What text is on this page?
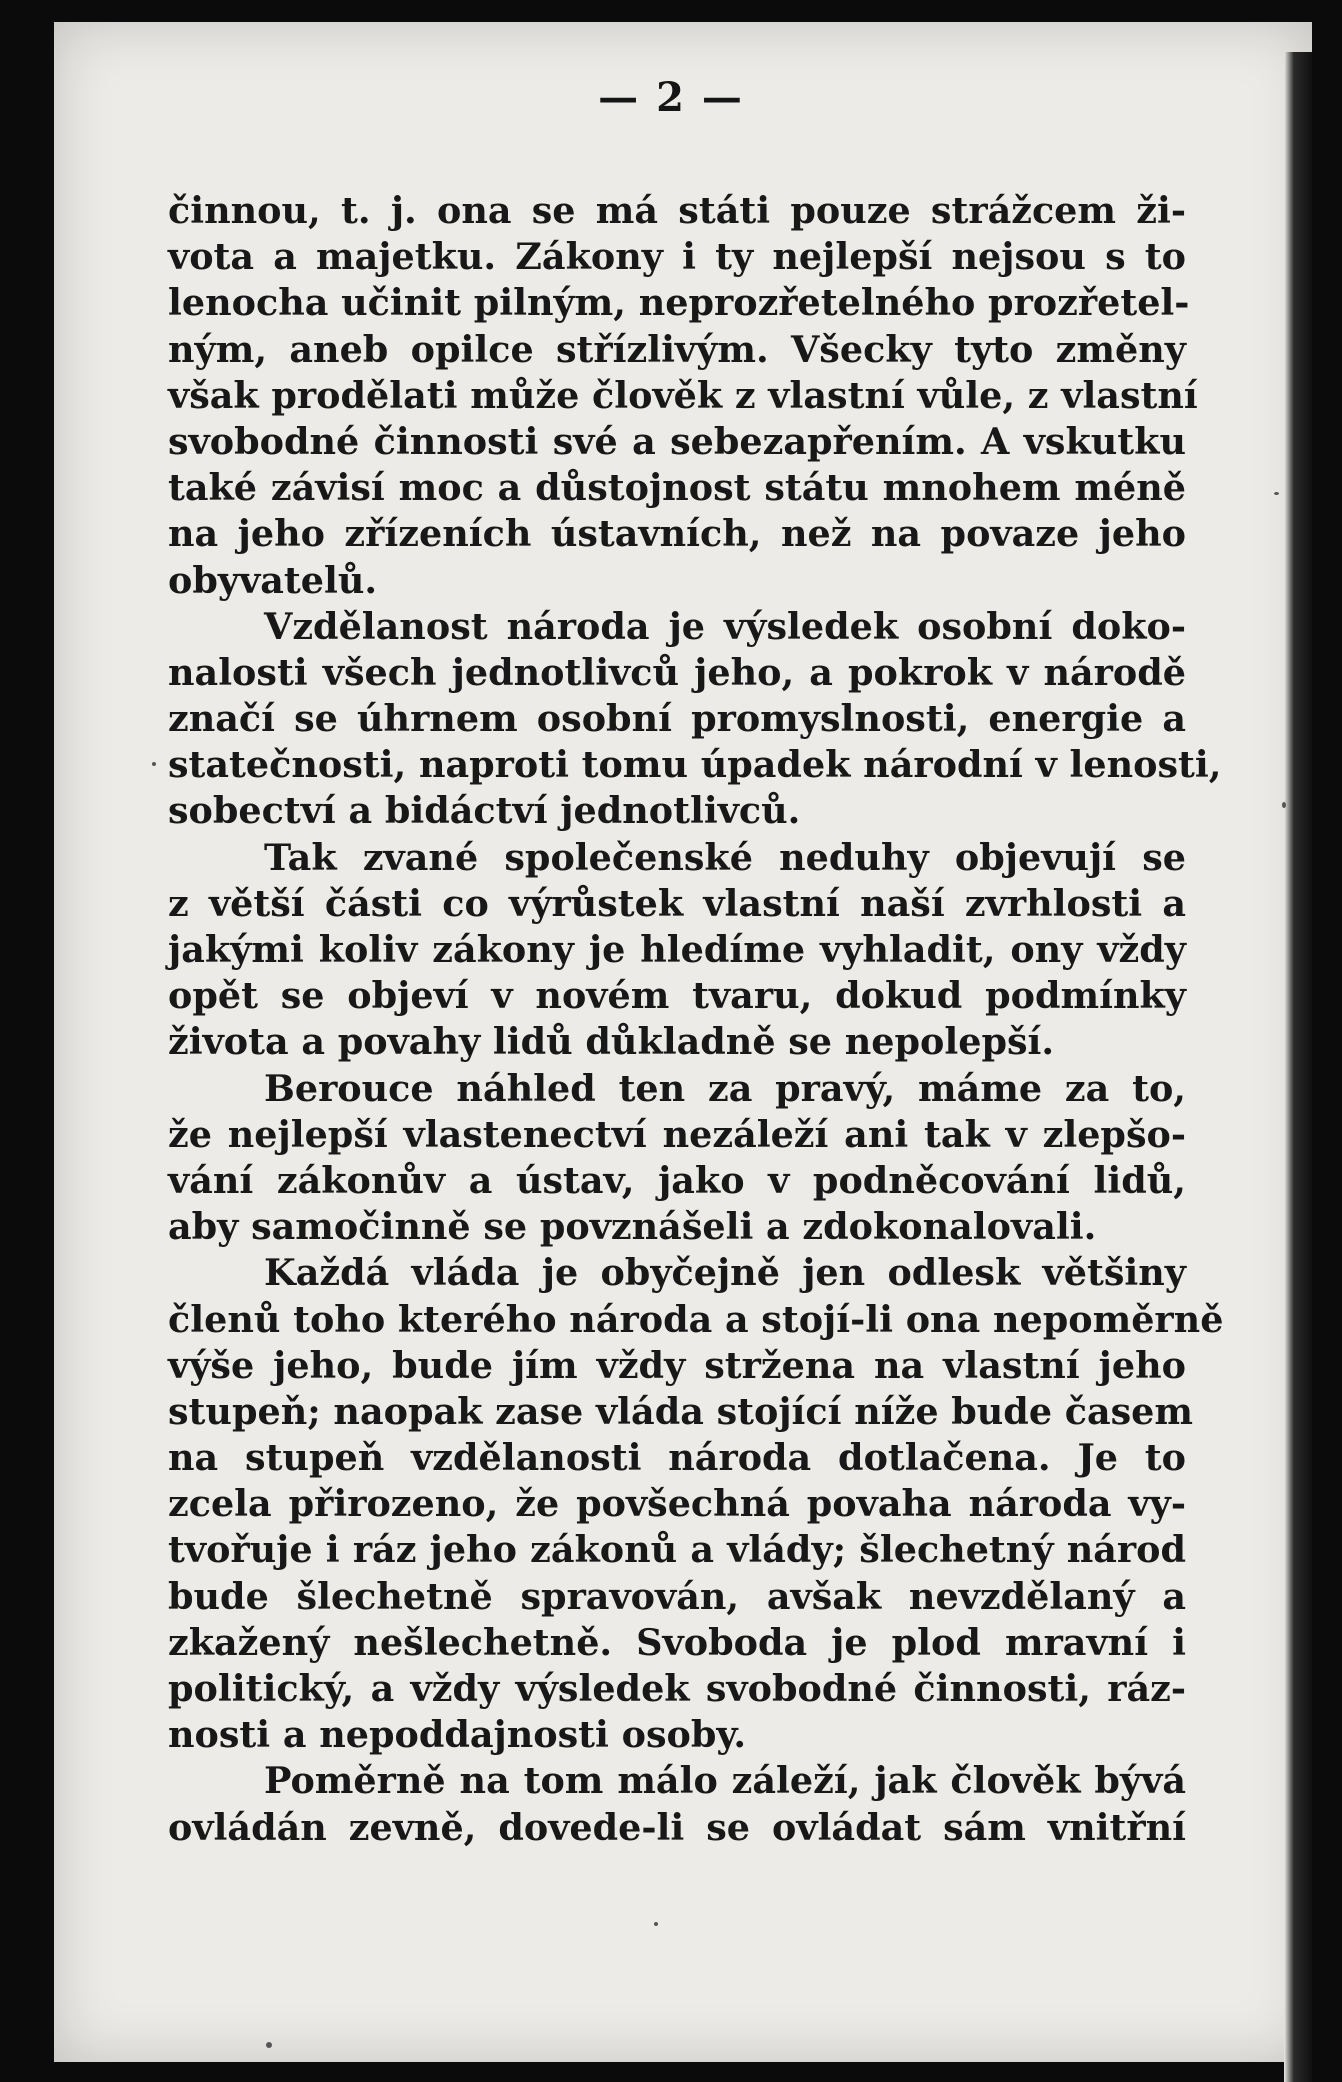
— 2 —
činnou, t. j. ona se má státi pouze strážcem ži-
vota a majetku. Zákony i ty nejlepší nejsou s to
lenocha učinit pilným, neprozřetelného prozřetel-
ným, aneb opilce střízlivým. Všecky tyto změny
však prodělati může člověk z vlastní vůle, z vlastní
svobodné činnosti své a sebezapřením. A vskutku
také závisí moc a důstojnost státu mnohem méně
na jeho zřízeních ústavních, než na povaze jeho
obyvatelů.
Vzdělanost národa je výsledek osobní doko-
nalosti všech jednotlivců jeho, a pokrok v národě
značí se úhrnem osobní promyslnosti, energie a
statečnosti, naproti tomu úpadek národní v lenosti,
sobectví a bidáctví jednotlivců.
Tak zvané společenské neduhy objevují se
z větší části co výrůstek vlastní naší zvrhlosti a
jakými koliv zákony je hledíme vyhladit, ony vždy
opět se objeví v novém tvaru, dokud podmínky
života a povahy lidů důkladně se nepolepší.
Berouce náhled ten za pravý, máme za to,
že nejlepší vlastenectví nezáleží ani tak v zlepšo-
vání zákonův a ústav, jako v podněcování lidů,
aby samočinně se povznášeli a zdokonalovali.
Každá vláda je obyčejně jen odlesk většiny
členů toho kterého národa a stojí-li ona nepoměrně
výše jeho, bude jím vždy stržena na vlastní jeho
stupeň; naopak zase vláda stojící níže bude časem
na stupeň vzdělanosti národa dotlačena. Je to
zcela přirozeno, že povšechná povaha národa vy-
tvořuje i ráz jeho zákonů a vlády; šlechetný národ
bude šlechetně spravován, avšak nevzdělaný a
zkažený nešlechetně. Svoboda je plod mravní i
politický, a vždy výsledek svobodné činnosti, ráz-
nosti a nepoddajnosti osoby.
Poměrně na tom málo záleží, jak člověk bývá
ovládán zevně, dovede-li se ovládat sám vnitřní
